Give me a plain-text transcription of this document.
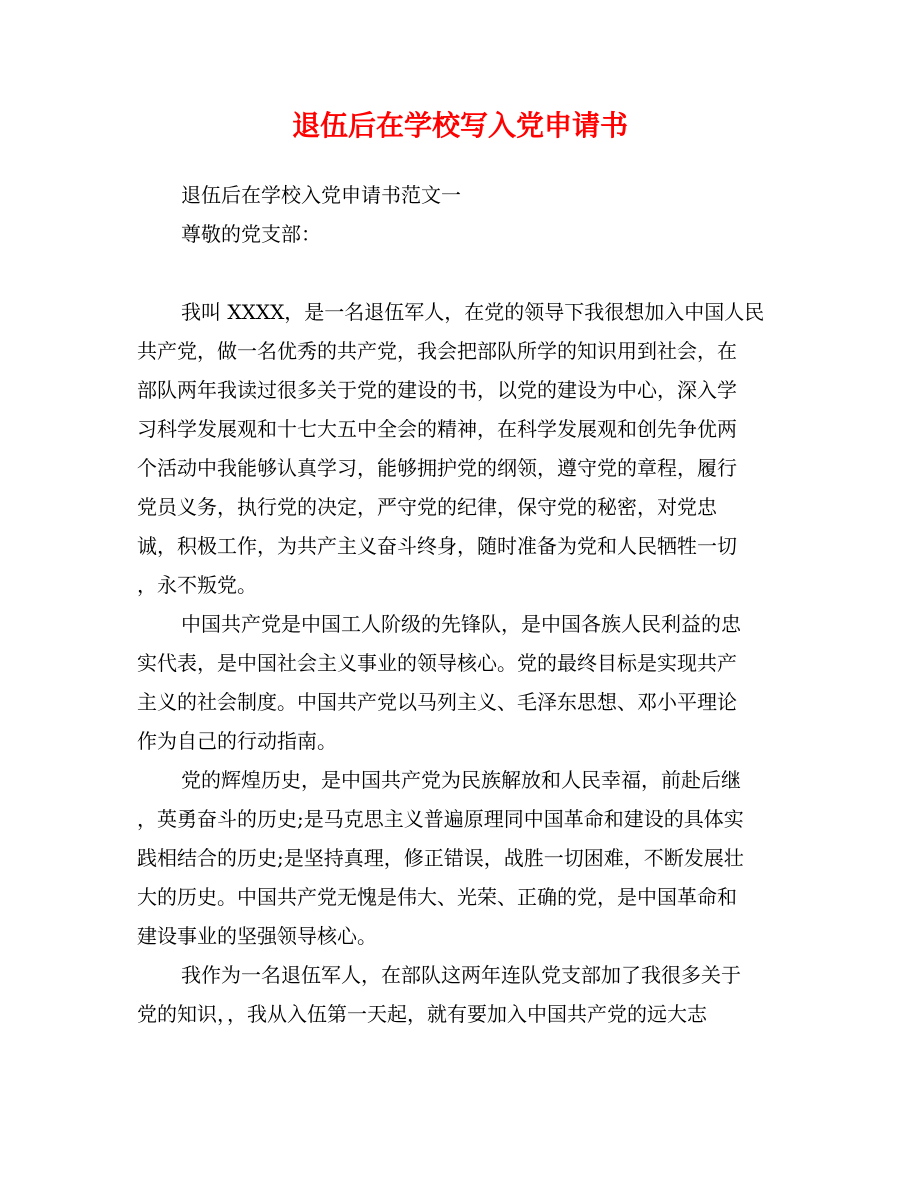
退伍后在学校写入党申请书

退伍后在学校入党申请书范文一

尊敬的党支部：

我叫 XXXX，是一名退伍军人，在党的领导下我很想加入中国人民

共产党，做一名优秀的共产党，我会把部队所学的知识用到社会，在

部队两年我读过很多关于党的建设的书，以党的建设为中心，深入学

习科学发展观和十七大五中全会的精神，在科学发展观和创先争优两

个活动中我能够认真学习，能够拥护党的纲领，遵守党的章程，履行

党员义务，执行党的决定，严守党的纪律，保守党的秘密，对党忠

诚，积极工作，为共产主义奋斗终身，随时准备为党和人民牺牲一切

，永不叛党。

中国共产党是中国工人阶级的先锋队，是中国各族人民利益的忠

实代表，是中国社会主义事业的领导核心。党的最终目标是实现共产

主义的社会制度。中国共产党以马列主义、毛泽东思想、邓小平理论

作为自己的行动指南。

党的辉煌历史，是中国共产党为民族解放和人民幸福，前赴后继

，英勇奋斗的历史;是马克思主义普遍原理同中国革命和建设的具体实

践相结合的历史;是坚持真理，修正错误，战胜一切困难，不断发展壮

大的历史。中国共产党无愧是伟大、光荣、正确的党，是中国革命和

建设事业的坚强领导核心。

我作为一名退伍军人，在部队这两年连队党支部加了我很多关于

党的知识，，我从入伍第一天起，就有要加入中国共产党的远大志
